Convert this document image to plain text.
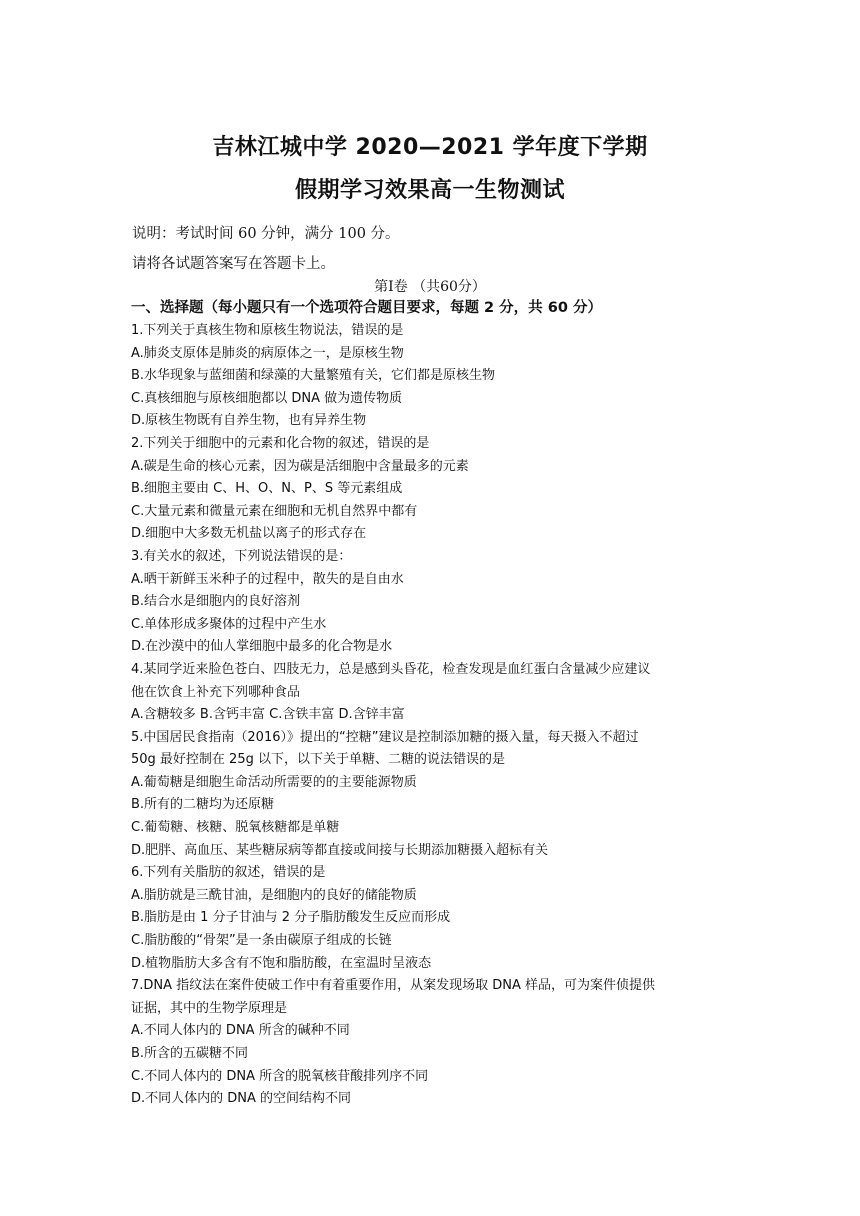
吉林江城中学 2020—2021 学年度下学期
假期学习效果高一生物测试
说明：考试时间 60 分钟，满分 100 分。
请将各试题答案写在答题卡上。
第Ⅰ卷 （共60分）
一、选择题（每小题只有一个选项符合题目要求，每题 2 分，共 60 分）
1.下列关于真核生物和原核生物说法，错误的是
A.肺炎支原体是肺炎的病原体之一，是原核生物
B.水华现象与蓝细菌和绿藻的大量繁殖有关，它们都是原核生物
C.真核细胞与原核细胞都以 DNA 做为遗传物质
D.原核生物既有自养生物，也有异养生物
2.下列关于细胞中的元素和化合物的叙述，错误的是
A.碳是生命的核心元素，因为碳是活细胞中含量最多的元素
B.细胞主要由 C、H、O、N、P、S 等元素组成
C.大量元素和微量元素在细胞和无机自然界中都有
D.细胞中大多数无机盐以离子的形式存在
3.有关水的叙述，下列说法错误的是：
A.晒干新鲜玉米种子的过程中，散失的是自由水
B.结合水是细胞内的良好溶剂
C.单体形成多聚体的过程中产生水
D.在沙漠中的仙人掌细胞中最多的化合物是水
4.某同学近来脸色苍白、四肢无力，总是感到头昏花，检查发现是血红蛋白含量减少应建议
他在饮食上补充下列哪种食品
A.含糖较多 B.含钙丰富 C.含铁丰富 D.含锌丰富
5.中国居民食指南（2016）》提出的“控糖”建议是控制添加糖的摄入量，每天摄入不超过
50g 最好控制在 25g 以下，以下关于单糖、二糖的说法错误的是
A.葡萄糖是细胞生命活动所需要的的主要能源物质
B.所有的二糖均为还原糖
C.葡萄糖、核糖、脱氧核糖都是单糖
D.肥胖、高血压、某些糖尿病等都直接或间接与长期添加糖摄入超标有关
6.下列有关脂肪的叙述，错误的是
A.脂肪就是三酰甘油，是细胞内的良好的储能物质
B.脂肪是由 1 分子甘油与 2 分子脂肪酸发生反应而形成
C.脂肪酸的“骨架”是一条由碳原子组成的长链
D.植物脂肪大多含有不饱和脂肪酸，在室温时呈液态
7.DNA 指纹法在案件使破工作中有着重要作用，从案发现场取 DNA 样品，可为案件侦提供
证据，其中的生物学原理是
A.不同人体内的 DNA 所含的碱种不同
B.所含的五碳糖不同
C.不同人体内的 DNA 所含的脱氧核苷酸排列序不同
D.不同人体内的 DNA 的空间结构不同
